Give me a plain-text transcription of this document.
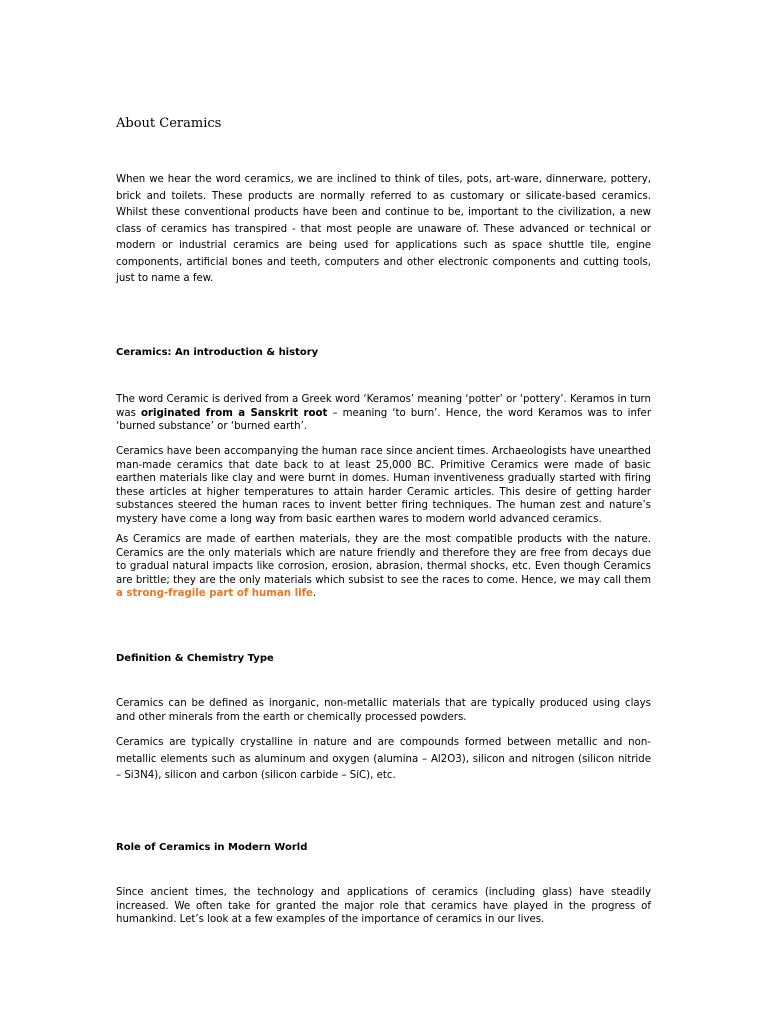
About Ceramics

When we hear the word ceramics, we are inclined to think of tiles, pots, art-ware, dinnerware, pottery, brick and toilets. These products are normally referred to as customary or silicate-based ceramics. Whilst these conventional products have been and continue to be, important to the civilization, a new class of ceramics has transpired - that most people are unaware of. These advanced or technical or modern or industrial ceramics are being used for applications such as space shuttle tile, engine components, artificial bones and teeth, computers and other electronic components and cutting tools, just to name a few.

Ceramics: An introduction & history

The word Ceramic is derived from a Greek word ‘Keramos’ meaning ‘potter’ or ‘pottery’. Keramos in turn was originated from a Sanskrit root – meaning ‘to burn’. Hence, the word Keramos was to infer ‘burned substance’ or ‘burned earth’.

Ceramics have been accompanying the human race since ancient times. Archaeologists have unearthed man-made ceramics that date back to at least 25,000 BC. Primitive Ceramics were made of basic earthen materials like clay and were burnt in domes. Human inventiveness gradually started with firing these articles at higher temperatures to attain harder Ceramic articles. This desire of getting harder substances steered the human races to invent better firing techniques. The human zest and nature’s mystery have come a long way from basic earthen wares to modern world advanced ceramics.

As Ceramics are made of earthen materials, they are the most compatible products with the nature. Ceramics are the only materials which are nature friendly and therefore they are free from decays due to gradual natural impacts like corrosion, erosion, abrasion, thermal shocks, etc. Even though Ceramics are brittle; they are the only materials which subsist to see the races to come. Hence, we may call them a strong-fragile part of human life.

Definition & Chemistry Type

Ceramics can be defined as inorganic, non-metallic materials that are typically produced using clays and other minerals from the earth or chemically processed powders.

Ceramics are typically crystalline in nature and are compounds formed between metallic and non-metallic elements such as aluminum and oxygen (alumina – Al2O3), silicon and nitrogen (silicon nitride – Si3N4), silicon and carbon (silicon carbide – SiC), etc.

Role of Ceramics in Modern World

Since ancient times, the technology and applications of ceramics (including glass) have steadily increased. We often take for granted the major role that ceramics have played in the progress of humankind. Let’s look at a few examples of the importance of ceramics in our lives.
